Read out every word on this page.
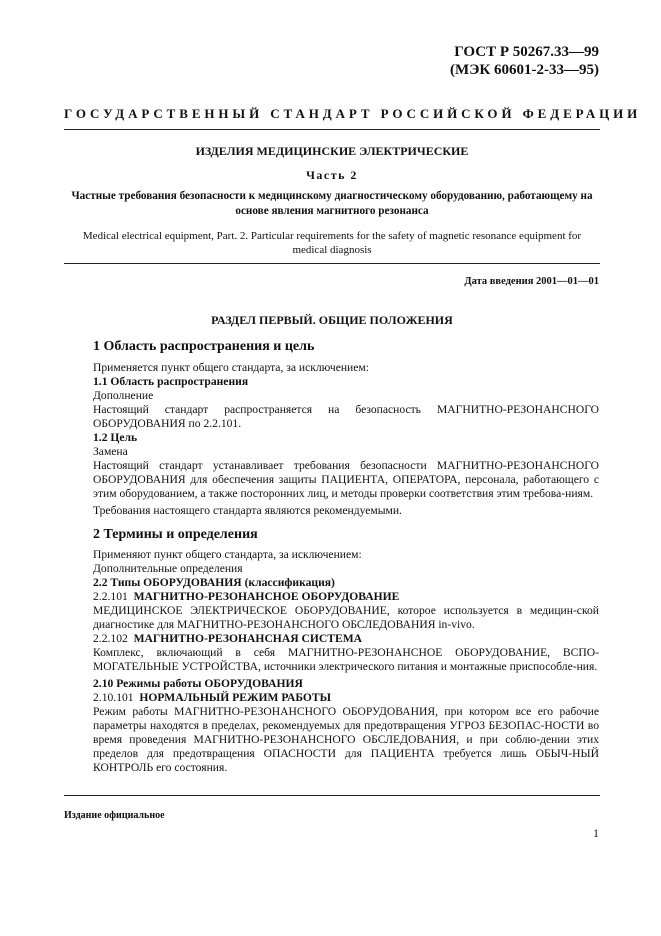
ГОСТ Р 50267.33—99
(МЭК 60601-2-33—95)
ГОСУДАРСТВЕННЫЙ СТАНДАРТ РОССИЙСКОЙ ФЕДЕРАЦИИ
ИЗДЕЛИЯ МЕДИЦИНСКИЕ ЭЛЕКТРИЧЕСКИЕ
Часть 2
Частные требования безопасности к медицинскому диагностическому оборудованию, работающему на основе явления магнитного резонанса
Medical electrical equipment, Part. 2. Particular requirements for the safety of magnetic resonance equipment for medical diagnosis
Дата введения 2001—01—01
РАЗДЕЛ ПЕРВЫЙ. ОБЩИЕ ПОЛОЖЕНИЯ
1 Область распространения и цель

Применяется пункт общего стандарта, за исключением:

1.1 Область распространения

Дополнение

Настоящий стандарт распространяется на безопасность МАГНИТНО-РЕЗОНАНСНОГО ОБОРУДОВАНИЯ по 2.2.101.

1.2 Цель

Замена

Настоящий стандарт устанавливает требования безопасности МАГНИТНО-РЕЗОНАНСНОГО ОБОРУДОВАНИЯ для обеспечения защиты ПАЦИЕНТА, ОПЕРАТОРА, персонала, работающего с этим оборудованием, а также посторонних лиц, и методы проверки соответствия этим требова-ниям.

Требования настоящего стандарта являются рекомендуемыми.

2 Термины и определения

Применяют пункт общего стандарта, за исключением:

Дополнительные определения

2.2 Типы ОБОРУДОВАНИЯ (классификация)

2.2.101 МАГНИТНО-РЕЗОНАНСНОЕ ОБОРУДОВАНИЕ

МЕДИЦИНСКОЕ ЭЛЕКТРИЧЕСКОЕ ОБОРУДОВАНИЕ, которое используется в медицин-ской диагностике для МАГНИТНО-РЕЗОНАНСНОГО ОБСЛЕДОВАНИЯ in-vivo.

2.2.102 МАГНИТНО-РЕЗОНАНСНАЯ СИСТЕМА

Комплекс, включающий в себя МАГНИТНО-РЕЗОНАНСНОЕ ОБОРУДОВАНИЕ, ВСПО-МОГАТЕЛЬНЫЕ УСТРОЙСТВА, источники электрического питания и монтажные приспособле-ния.

2.10 Режимы работы ОБОРУДОВАНИЯ

2.10.101 НОРМАЛЬНЫЙ РЕЖИМ РАБОТЫ

Режим работы МАГНИТНО-РЕЗОНАНСНОГО ОБОРУДОВАНИЯ, при котором все его рабочие параметры находятся в пределах, рекомендуемых для предотвращения УГРОЗ БЕЗОПАС-НОСТИ во время проведения МАГНИТНО-РЕЗОНАНСНОГО ОБСЛЕДОВАНИЯ, и при соблю-дении этих пределов для предотвращения ОПАСНОСТИ для ПАЦИЕНТА требуется лишь ОБЫЧ-НЫЙ КОНТРОЛЬ его состояния.

Издание официальное
1
